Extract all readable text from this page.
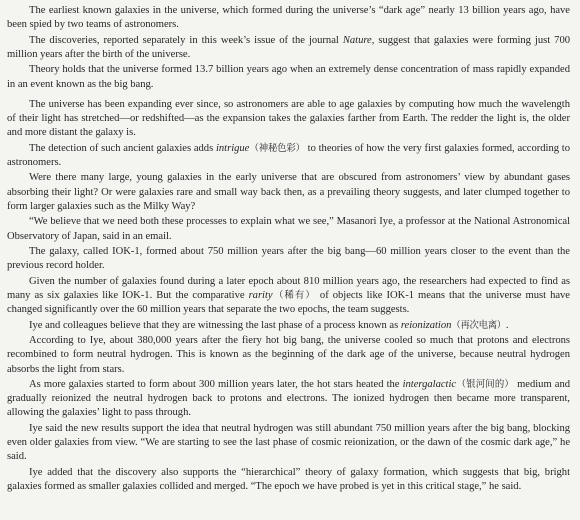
The earliest known galaxies in the universe, which formed during the universe’s “dark age” nearly 13 billion years ago, have been spied by two teams of astronomers.

The discoveries, reported separately in this week’s issue of the journal Nature, suggest that galaxies were forming just 700 million years after the birth of the universe.

Theory holds that the universe formed 13.7 billion years ago when an extremely dense concentration of mass rapidly expanded in an event known as the big bang.

The universe has been expanding ever since, so astronomers are able to age galaxies by computing how much the wavelength of their light has stretched—or redshifted—as the expansion takes the galaxies farther from Earth. The redder the light is, the older and more distant the galaxy is.

The detection of such ancient galaxies adds intrigue（神秘色彩） to theories of how the very first galaxies formed, according to astronomers.

Were there many large, young galaxies in the early universe that are obscured from astronomers’ view by abundant gases absorbing their light? Or were galaxies rare and small way back then, as a prevailing theory suggests, and later clumped together to form larger galaxies such as the Milky Way?

“We believe that we need both these processes to explain what we see,” Masanori Iye, a professor at the National Astronomical Observatory of Japan, said in an email.

The galaxy, called IOK-1, formed about 750 million years after the big bang—60 million years closer to the event than the previous record holder.

Given the number of galaxies found during a later epoch about 810 million years ago, the researchers had expected to find as many as six galaxies like IOK-1. But the comparative rarity（稀有） of objects like IOK-1 means that the universe must have changed significantly over the 60 million years that separate the two epochs, the team suggests.

Iye and colleagues believe that they are witnessing the last phase of a process known as reionization（再次电离）.

According to Iye, about 380,000 years after the fiery hot big bang, the universe cooled so much that protons and electrons recombined to form neutral hydrogen. This is known as the beginning of the dark age of the universe, because neutral hydrogen absorbs the light from stars.

As more galaxies started to form about 300 million years later, the hot stars heated the intergalactic（银河间的） medium and gradually reionized the neutral hydrogen back to protons and electrons. The ionized hydrogen then became more transparent, allowing the galaxies’ light to pass through.

Iye said the new results support the idea that neutral hydrogen was still abundant 750 million years after the big bang, blocking even older galaxies from view. “We are starting to see the last phase of cosmic reionization, or the dawn of the cosmic dark age,” he said.

Iye added that the discovery also supports the “hierarchical” theory of galaxy formation, which suggests that big, bright galaxies formed as smaller galaxies collided and merged. “The epoch we have probed is yet in this critical stage,” he said.
